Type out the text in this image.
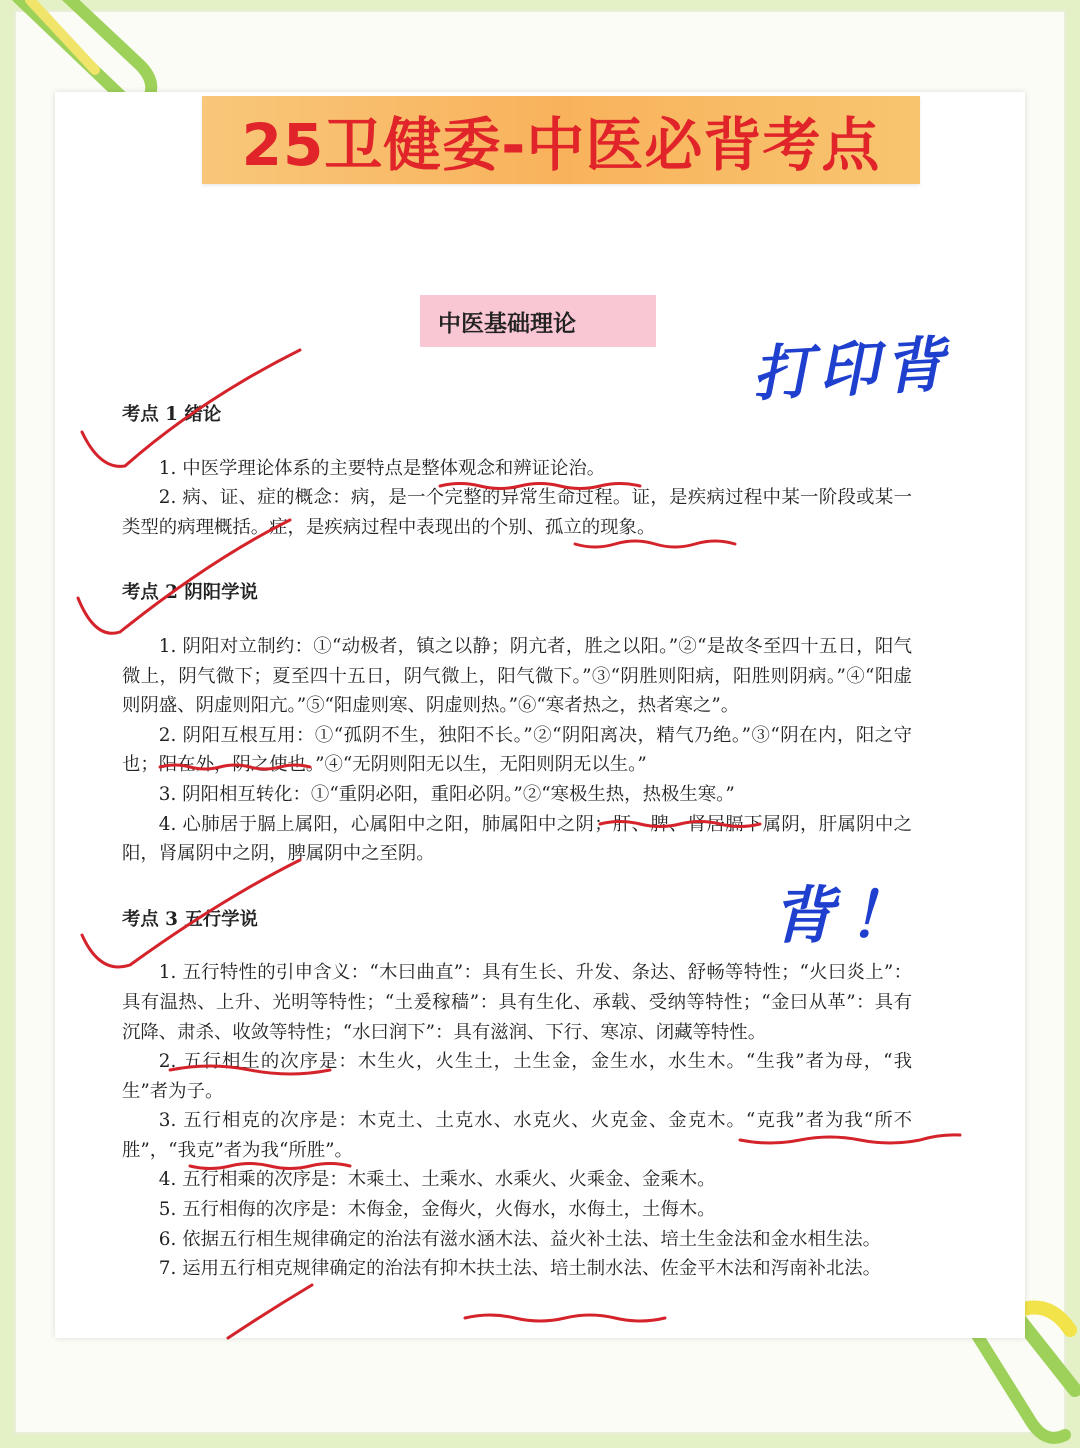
25卫健委-中医必背考点
中医基础理论
打印背
背！

考点 1 绪论

1. 中医学理论体系的主要特点是整体观念和辨证论治。

2. 病、证、症的概念：病，是一个完整的异常生命过程。证，是疾病过程中某一阶段或某一类型的病理概括。症，是疾病过程中表现出的个别、孤立的现象。

考点 2 阴阳学说

1. 阴阳对立制约：①“动极者，镇之以静；阴亢者，胜之以阳。”②“是故冬至四十五日，阳气微上，阴气微下；夏至四十五日，阴气微上，阳气微下。”③“阴胜则阳病，阳胜则阴病。”④“阳虚则阴盛、阴虚则阳亢。”⑤“阳虚则寒、阴虚则热。”⑥“寒者热之，热者寒之”。

2. 阴阳互根互用：①“孤阴不生，独阳不长。”②“阴阳离决，精气乃绝。”③“阴在内，阳之守也；阳在外，阴之使也。”④“无阴则阳无以生，无阳则阴无以生。”

3. 阴阳相互转化：①“重阴必阳，重阳必阴。”②“寒极生热，热极生寒。”

4. 心肺居于膈上属阳，心属阳中之阳，肺属阳中之阴；肝、脾、肾居膈下属阴，肝属阴中之阳，肾属阴中之阴，脾属阴中之至阴。

考点 3 五行学说

1. 五行特性的引申含义：“木曰曲直”：具有生长、升发、条达、舒畅等特性；“火曰炎上”：具有温热、上升、光明等特性；“土爰稼穑”：具有生化、承载、受纳等特性；“金曰从革”：具有沉降、肃杀、收敛等特性；“水曰润下”：具有滋润、下行、寒凉、闭藏等特性。

2. 五行相生的次序是：木生火，火生土，土生金，金生水，水生木。“生我”者为母，“我生”者为子。

3. 五行相克的次序是：木克土、土克水、水克火、火克金、金克木。“克我”者为我“所不胜”，“我克”者为我“所胜”。

4. 五行相乘的次序是：木乘土、土乘水、水乘火、火乘金、金乘木。

5. 五行相侮的次序是：木侮金，金侮火，火侮水，水侮土，土侮木。

6. 依据五行相生规律确定的治法有滋水涵木法、益火补土法、培土生金法和金水相生法。

7. 运用五行相克规律确定的治法有抑木扶土法、培土制水法、佐金平木法和泻南补北法。
